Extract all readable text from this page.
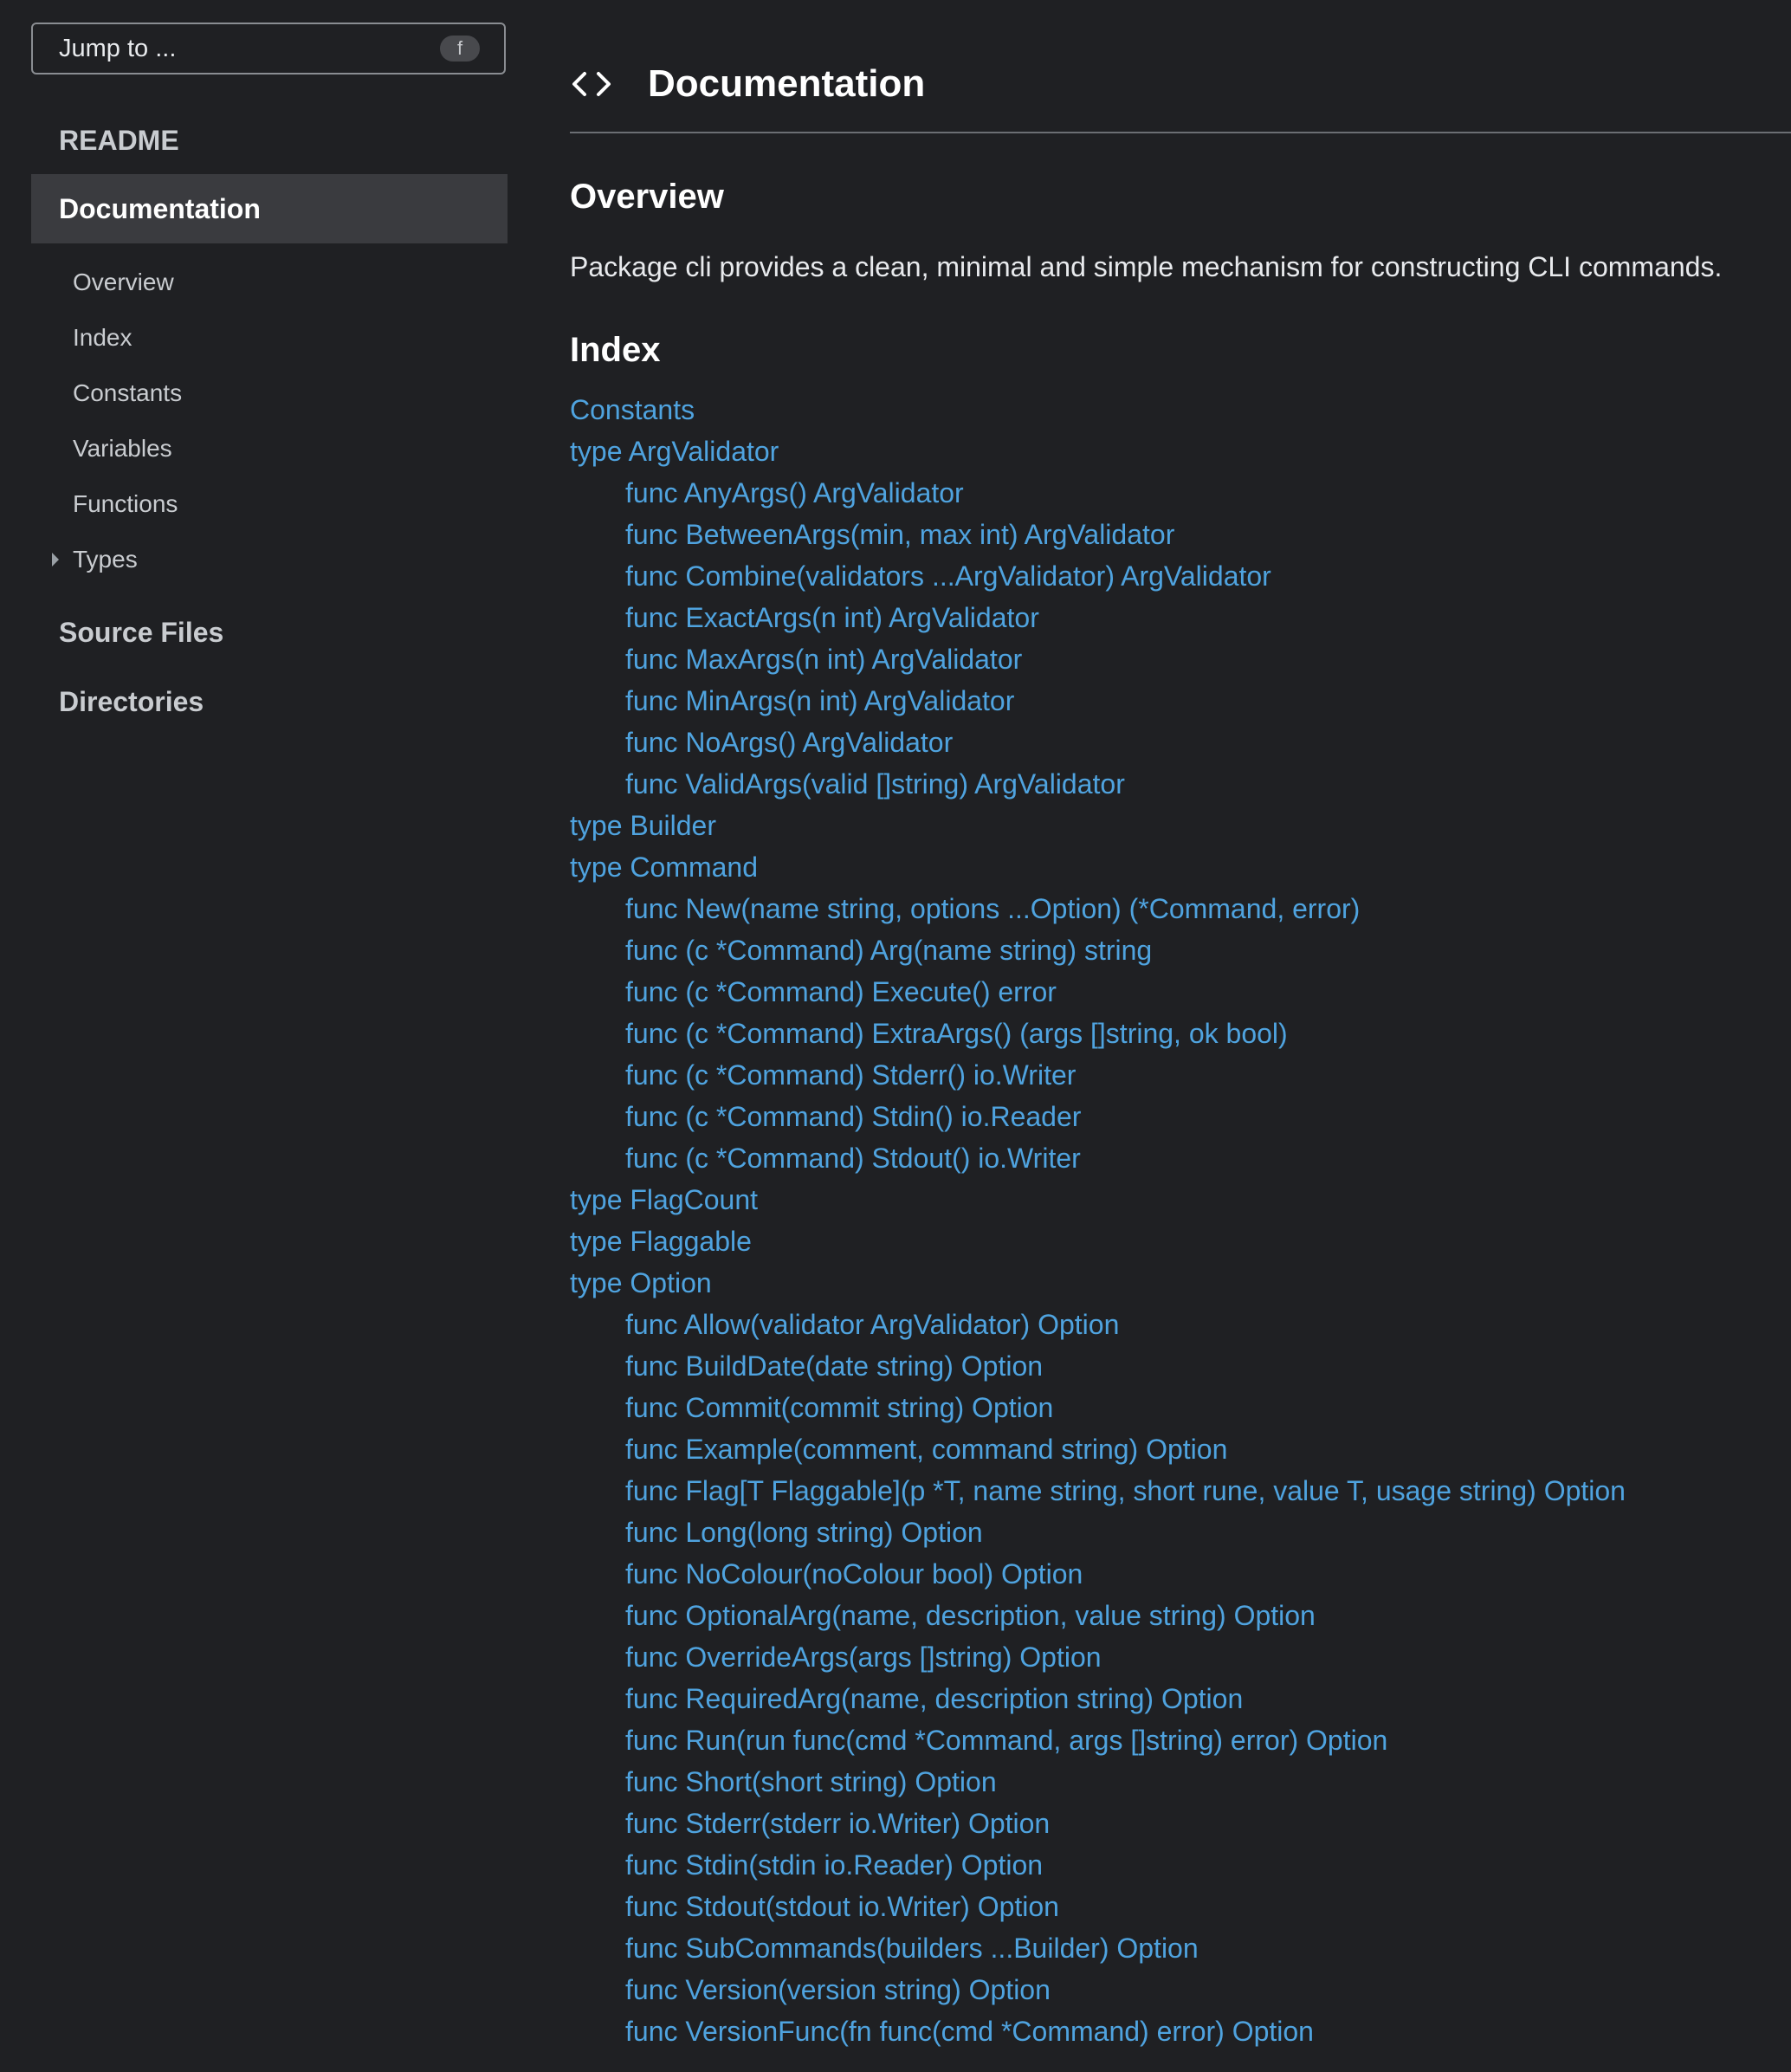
Jump to ...	f
README
Documentation
Overview
Index
Constants
Variables
Functions
Types
Source Files
Directories
Documentation
Overview

Package cli provides a clean, minimal and simple mechanism for constructing CLI commands.

Index
Constants
type ArgValidator
func AnyArgs() ArgValidator
func BetweenArgs(min, max int) ArgValidator
func Combine(validators ...ArgValidator) ArgValidator
func ExactArgs(n int) ArgValidator
func MaxArgs(n int) ArgValidator
func MinArgs(n int) ArgValidator
func NoArgs() ArgValidator
func ValidArgs(valid []string) ArgValidator
type Builder
type Command
func New(name string, options ...Option) (*Command, error)
func (c *Command) Arg(name string) string
func (c *Command) Execute() error
func (c *Command) ExtraArgs() (args []string, ok bool)
func (c *Command) Stderr() io.Writer
func (c *Command) Stdin() io.Reader
func (c *Command) Stdout() io.Writer
type FlagCount
type Flaggable
type Option
func Allow(validator ArgValidator) Option
func BuildDate(date string) Option
func Commit(commit string) Option
func Example(comment, command string) Option
func Flag[T Flaggable](p *T, name string, short rune, value T, usage string) Option
func Long(long string) Option
func NoColour(noColour bool) Option
func OptionalArg(name, description, value string) Option
func OverrideArgs(args []string) Option
func RequiredArg(name, description string) Option
func Run(run func(cmd *Command, args []string) error) Option
func Short(short string) Option
func Stderr(stderr io.Writer) Option
func Stdin(stdin io.Reader) Option
func Stdout(stdout io.Writer) Option
func SubCommands(builders ...Builder) Option
func Version(version string) Option
func VersionFunc(fn func(cmd *Command) error) Option
